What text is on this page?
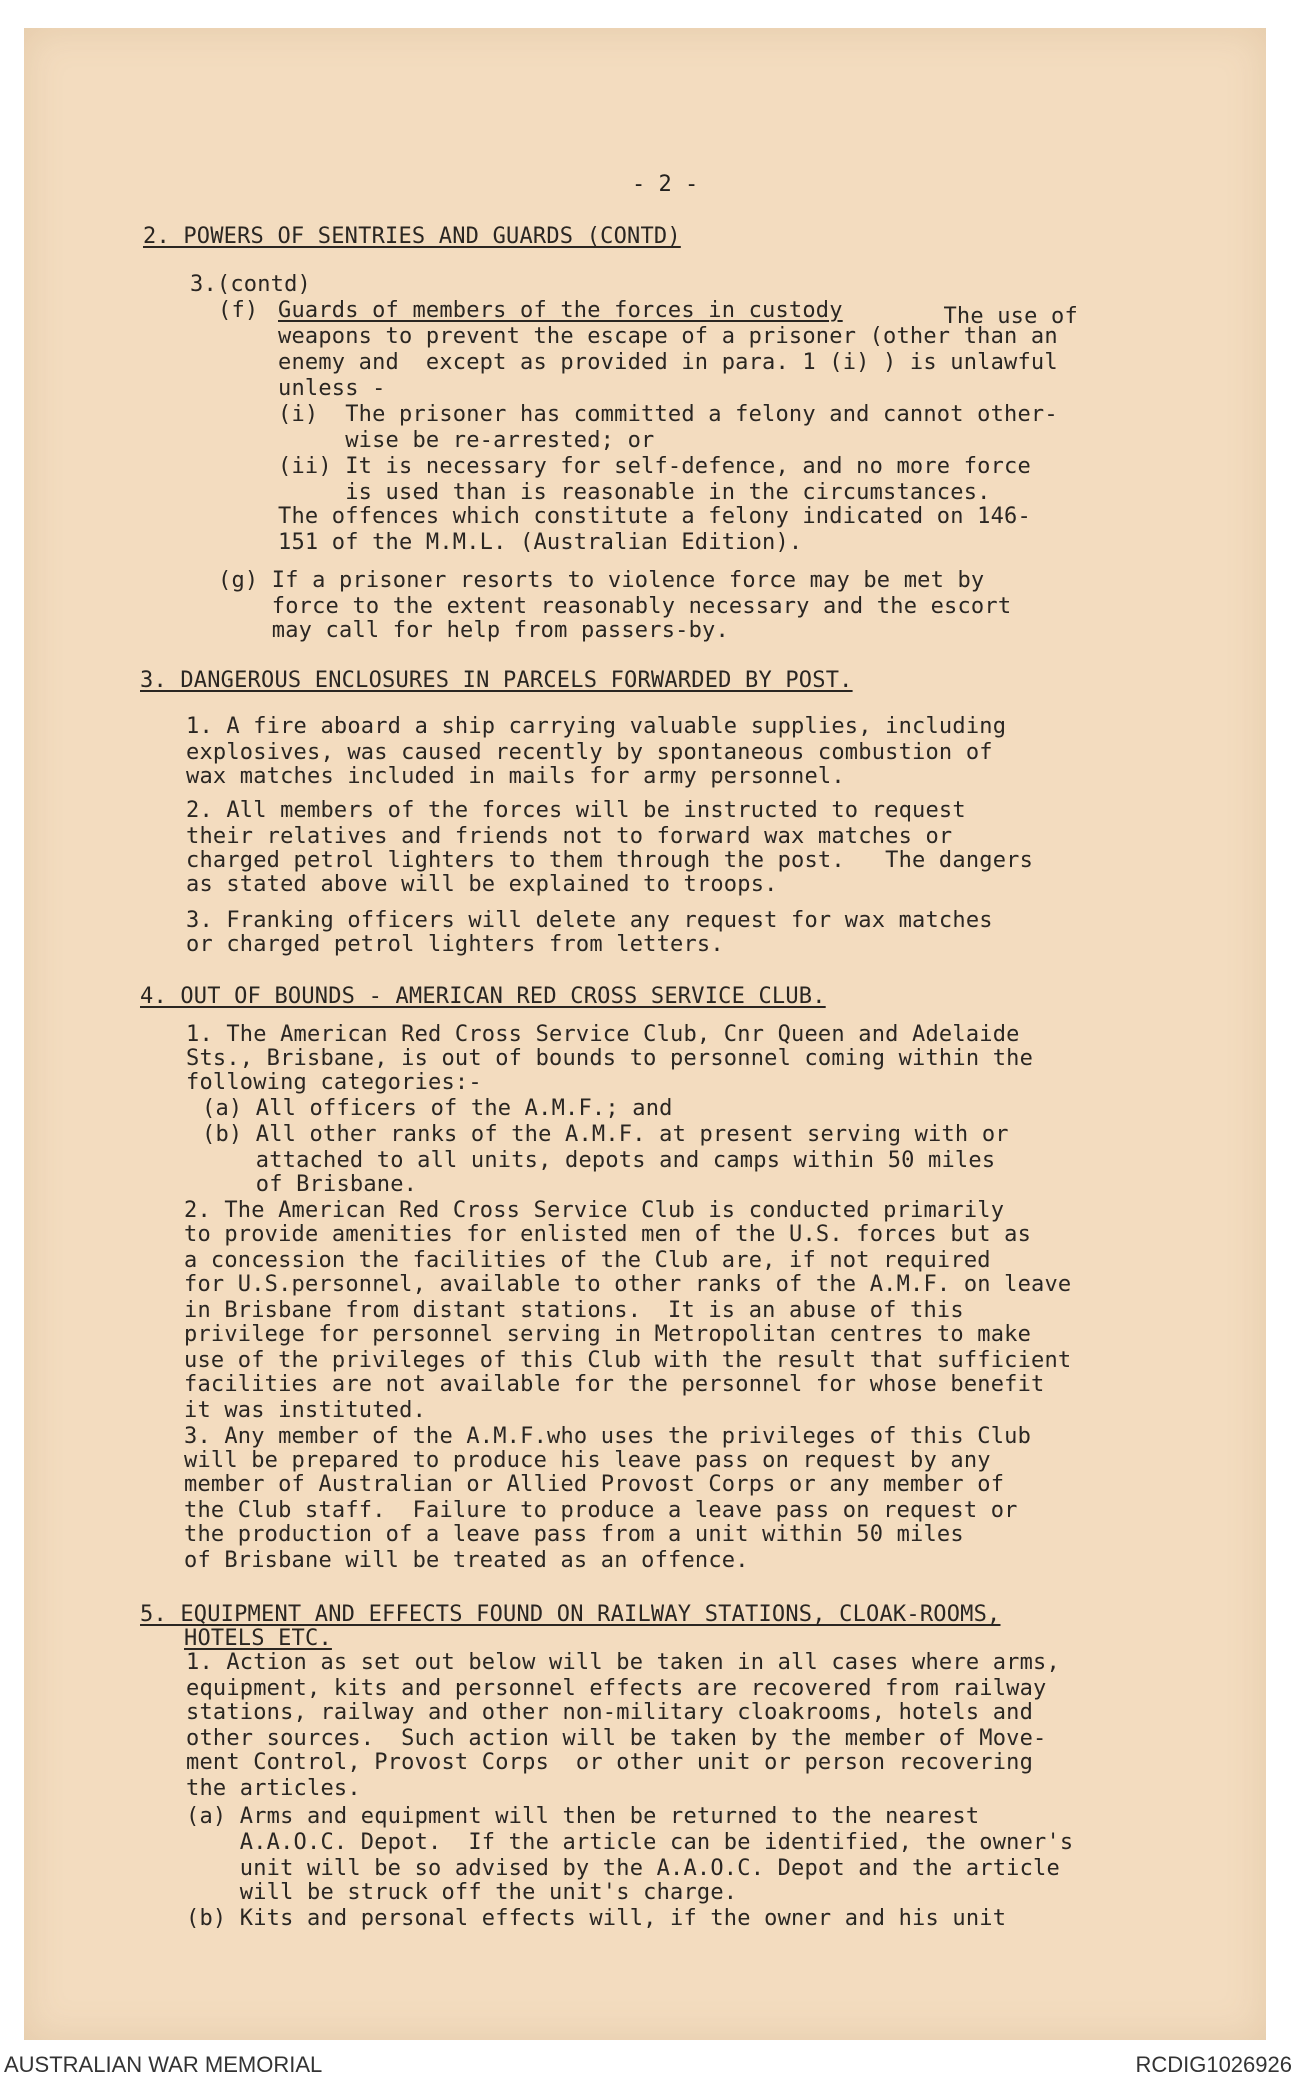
- 2 -
2. POWERS OF SENTRIES AND GUARDS (CONTD)
3.(contd)
(f) Guards of members of the forces in custody	The use of
weapons to prevent the escape of a prisoner (other than an
enemy and  except as provided in para. 1 (i) ) is unlawful
unless -
(i)  The prisoner has committed a felony and cannot other-
wise be re-arrested; or
(ii) It is necessary for self-defence, and no more force
is used than is reasonable in the circumstances.
The offences which constitute a felony indicated on 146-
151 of the M.M.L. (Australian Edition).
(g) If a prisoner resorts to violence force may be met by
force to the extent reasonably necessary and the escort
may call for help from passers-by.
3. DANGEROUS ENCLOSURES IN PARCELS FORWARDED BY POST.
1. A fire aboard a ship carrying valuable supplies, including
explosives, was caused recently by spontaneous combustion of
wax matches included in mails for army personnel.
2. All members of the forces will be instructed to request
their relatives and friends not to forward wax matches or
charged petrol lighters to them through the post.   The dangers
as stated above will be explained to troops.
3. Franking officers will delete any request for wax matches
or charged petrol lighters from letters.
4. OUT OF BOUNDS - AMERICAN RED CROSS SERVICE CLUB.
1. The American Red Cross Service Club, Cnr Queen and Adelaide
Sts., Brisbane, is out of bounds to personnel coming within the
following categories:-
(a) All officers of the A.M.F.; and
(b) All other ranks of the A.M.F. at present serving with or
attached to all units, depots and camps within 50 miles
of Brisbane.
2. The American Red Cross Service Club is conducted primarily
to provide amenities for enlisted men of the U.S. forces but as
a concession the facilities of the Club are, if not required
for U.S.personnel, available to other ranks of the A.M.F. on leave
in Brisbane from distant stations.  It is an abuse of this
privilege for personnel serving in Metropolitan centres to make
use of the privileges of this Club with the result that sufficient
facilities are not available for the personnel for whose benefit
it was instituted.
3. Any member of the A.M.F.who uses the privileges of this Club
will be prepared to produce his leave pass on request by any
member of Australian or Allied Provost Corps or any member of
the Club staff.  Failure to produce a leave pass on request or
the production of a leave pass from a unit within 50 miles
of Brisbane will be treated as an offence.
5. EQUIPMENT AND EFFECTS FOUND ON RAILWAY STATIONS, CLOAK-ROOMS,
HOTELS ETC.
1. Action as set out below will be taken in all cases where arms,
equipment, kits and personnel effects are recovered from railway
stations, railway and other non-military cloakrooms, hotels and
other sources.  Such action will be taken by the member of Move-
ment Control, Provost Corps  or other unit or person recovering
the articles.
(a) Arms and equipment will then be returned to the nearest
A.A.O.C. Depot.  If the article can be identified, the owner's
unit will be so advised by the A.A.O.C. Depot and the article
will be struck off the unit's charge.
(b) Kits and personal effects will, if the owner and his unit
AUSTRALIAN WAR MEMORIAL	RCDIG1026926
